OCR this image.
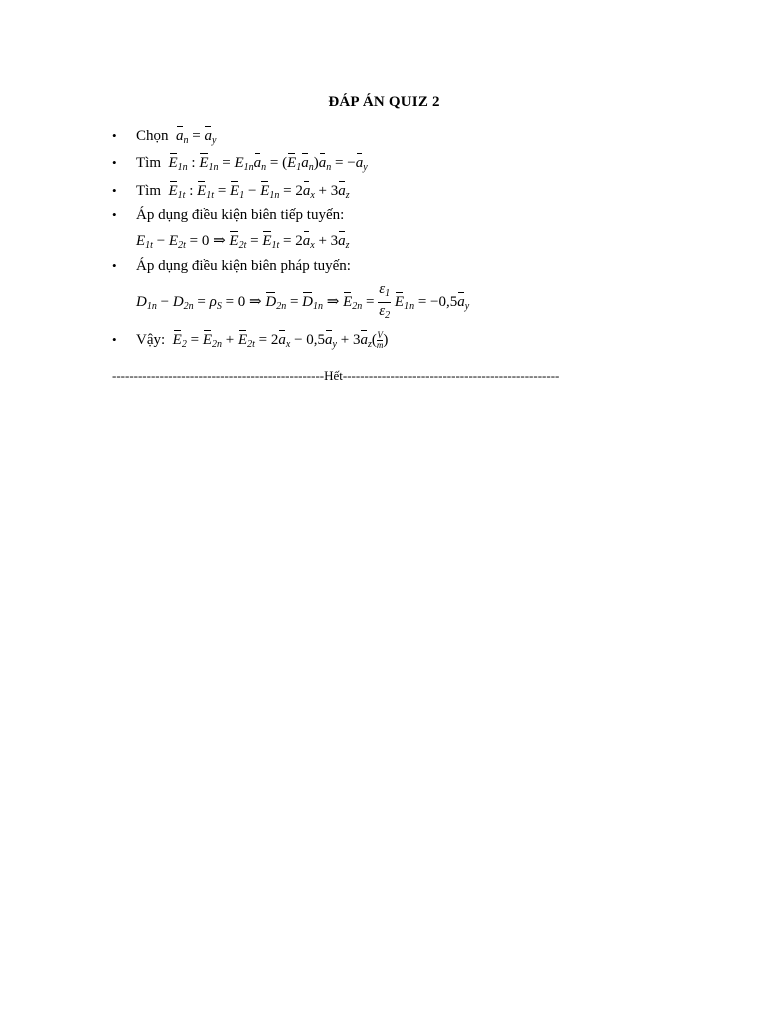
ĐÁP ÁN QUIZ 2
• Chọn $a_n = a_y$
• Tìm $E_{1n}$ : $E_{1n} = E_{1n}a_n = (E_1a_n)a_n = -a_y$
• Tìm $E_{1t}$ : $E_{1t} = E_1 - E_{1n} = 2a_x + 3a_z$
• Áp dụng điều kiện biên tiếp tuyến:
$E_{1t} - E_{2t} = 0$ ⇒ $E_{2t} = E_{1t} = 2a_x + 3a_z$
• Áp dụng điều kiện biên pháp tuyến:
$D_{1n} - D_{2n} = \rho_S = 0$ ⇒ $D_{2n} = D_{1n}$ ⇒ $E_{2n} = \frac{\varepsilon_1}{\varepsilon_2} E_{1n} = -0,5a_y$
• Vậy: $E_2 = E_{2n} + E_{2t} = 2a_x - 0,5a_y + 3a_z( \frac{V}{m}$ )
-------------------------------------------------Hết--------------------------------------------------
